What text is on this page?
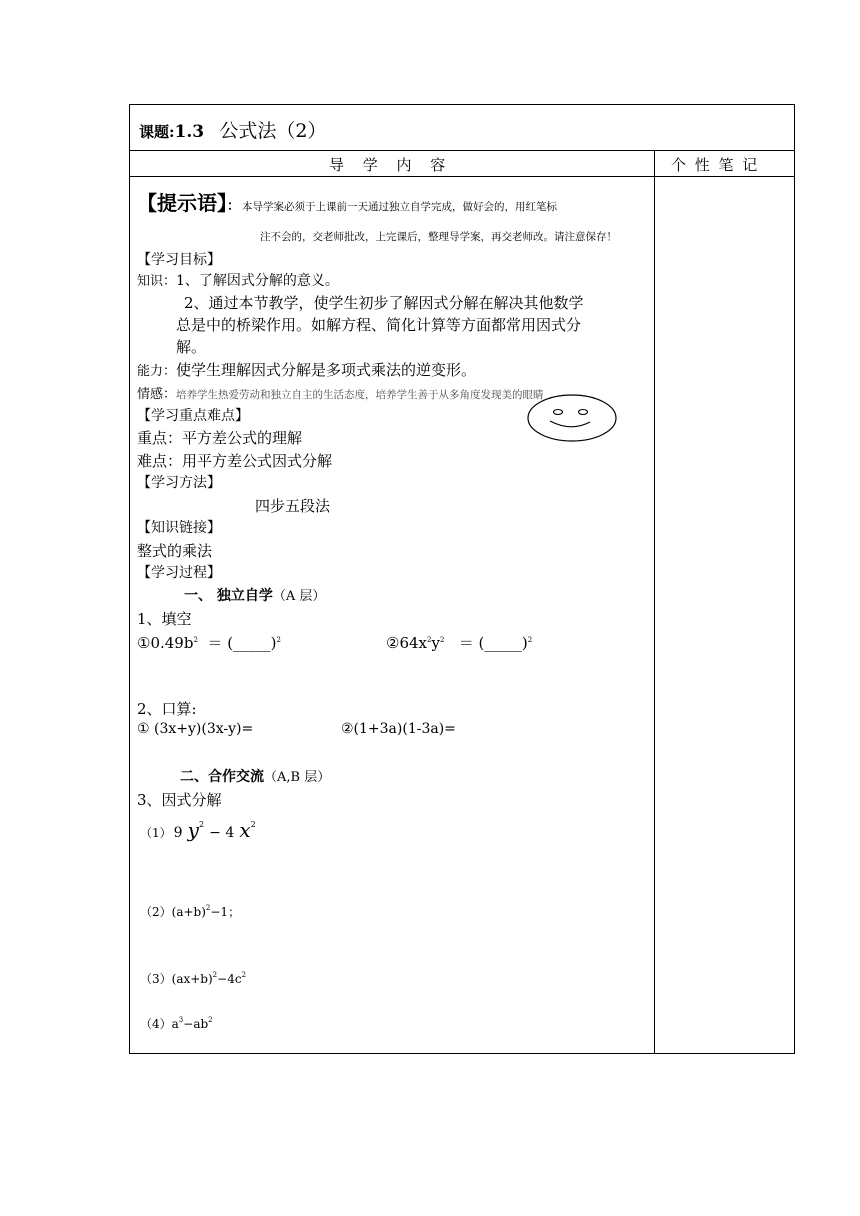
课题:1.3 公式法（2）
导 学 内 容	个 性 笔 记
【提示语】： 本导学案必须于上课前一天通过独立自学完成，做好会的，用红笔标
注不会的，交老师批改，上完课后，整理导学案，再交老师改。请注意保存！
【学习目标】
知识：1、了解因式分解的意义。
2、通过本节教学，使学生初步了解因式分解在解决其他数学
总是中的桥梁作用。如解方程、简化计算等方面都常用因式分
解。
能力：使学生理解因式分解是多项式乘法的逆变形。
情感：培养学生热爱劳动和独立自主的生活态度，培养学生善于从多角度发现美的眼睛
【学习重点难点】
重点：平方差公式的理解
难点：用平方差公式因式分解
【学习方法】
四步五段法
【知识链接】
整式的乘法
【学习过程】
一、 独立自学（A 层）
1、填空
$①0.49b^2$ ＝ (_____)$^2$	$②64x^2y^2$ ＝ (_____)$^2$
2、口算:
① (3x+y)(3x-y)=	②(1+3a)(1-3a)=
二、合作交流（A,B 层）
3、因式分解
（1） 9 $y^2 - 4$ $x^2$
$(2)(a+b)^2-1$；
$(3)(ax+b)^2-4c^2$
$(4)a^3-ab^2$
